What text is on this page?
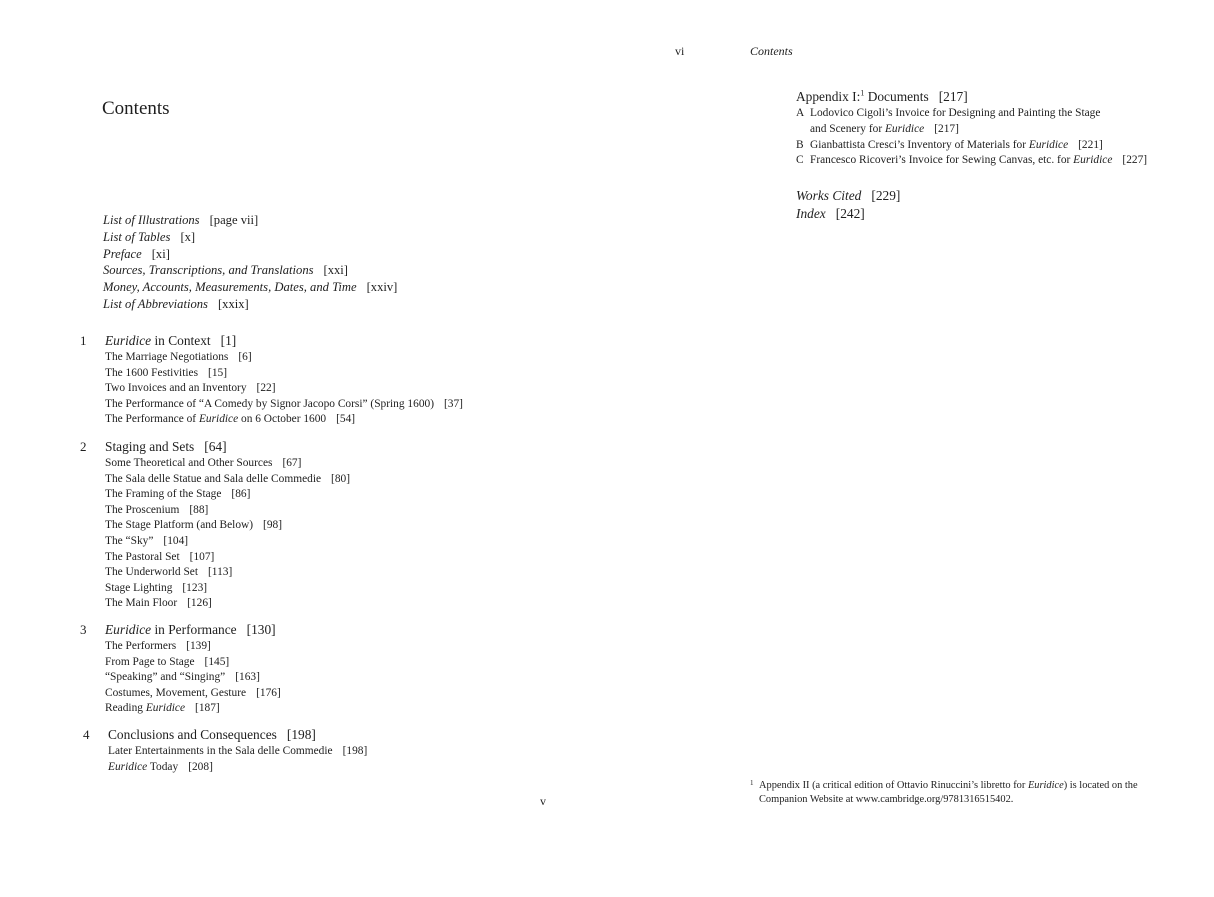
Contents
List of Illustrations [page vii]
List of Tables [x]
Preface [xi]
Sources, Transcriptions, and Translations [xxi]
Money, Accounts, Measurements, Dates, and Time [xxiv]
List of Abbreviations [xxix]
1 Euridice in Context [1]
The Marriage Negotiations [6]
The 1600 Festivities [15]
Two Invoices and an Inventory [22]
The Performance of “A Comedy by Signor Jacopo Corsi” (Spring 1600) [37]
The Performance of Euridice on 6 October 1600 [54]
2 Staging and Sets [64]
Some Theoretical and Other Sources [67]
The Sala delle Statue and Sala delle Commedie [80]
The Framing of the Stage [86]
The Proscenium [88]
The Stage Platform (and Below) [98]
The “Sky” [104]
The Pastoral Set [107]
The Underworld Set [113]
Stage Lighting [123]
The Main Floor [126]
3 Euridice in Performance [130]
The Performers [139]
From Page to Stage [145]
“Speaking” and “Singing” [163]
Costumes, Movement, Gesture [176]
Reading Euridice [187]
4 Conclusions and Consequences [198]
Later Entertainments in the Sala delle Commedie [198]
Euridice Today [208]
v
vi	Contents
Appendix I:$^1$ Documents [217]
A Lodovico Cigoli’s Invoice for Designing and Painting the Stage
and Scenery for Euridice [217]
B Gianbattista Cresci’s Inventory of Materials for Euridice [221]
C Francesco Ricoveri’s Invoice for Sewing Canvas, etc. for Euridice [227]
Works Cited [229]
Index [242]
1 Appendix II (a critical edition of Ottavio Rinuccini’s libretto for Euridice) is located on the
Companion Website at www.cambridge.org/9781316515402.
